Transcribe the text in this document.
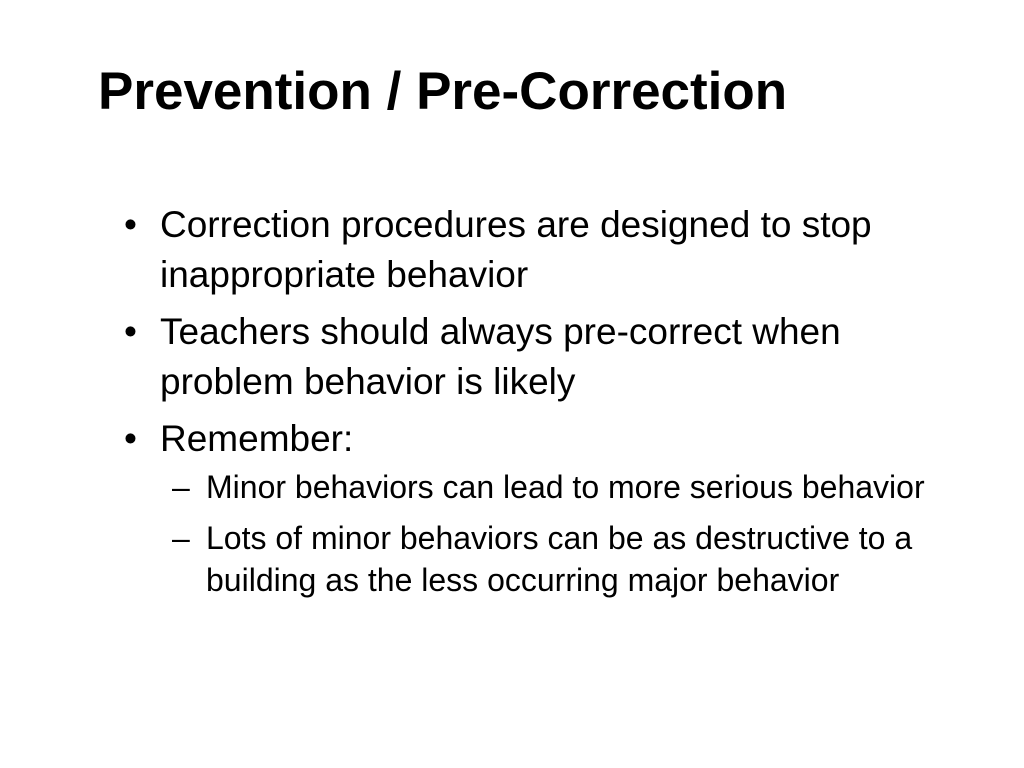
Prevention / Pre-Correction
• Correction procedures are designed to stop inappropriate behavior
• Teachers should always pre-correct when problem behavior is likely
• Remember:
– Minor behaviors can lead to more serious behavior
– Lots of minor behaviors can be as destructive to a building as the less occurring major behavior
